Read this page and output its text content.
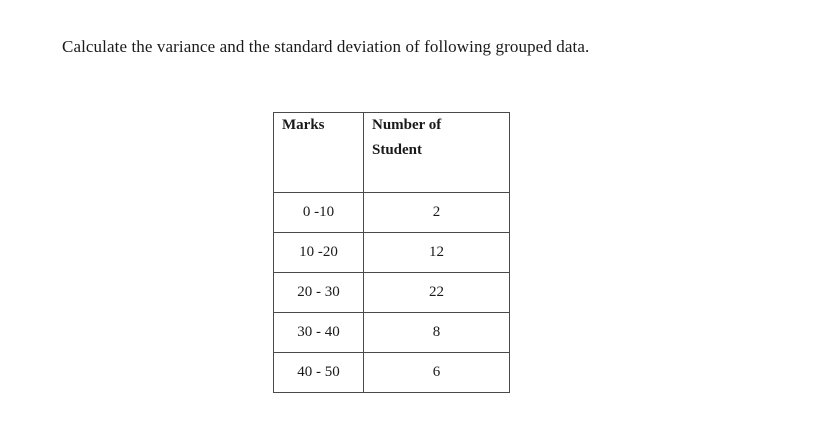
Calculate the variance and the standard deviation of following grouped data.
Marks	Number of
Student

0 -10	2
10 -20	12
20 - 30	22
30 - 40	8
40 - 50	6
